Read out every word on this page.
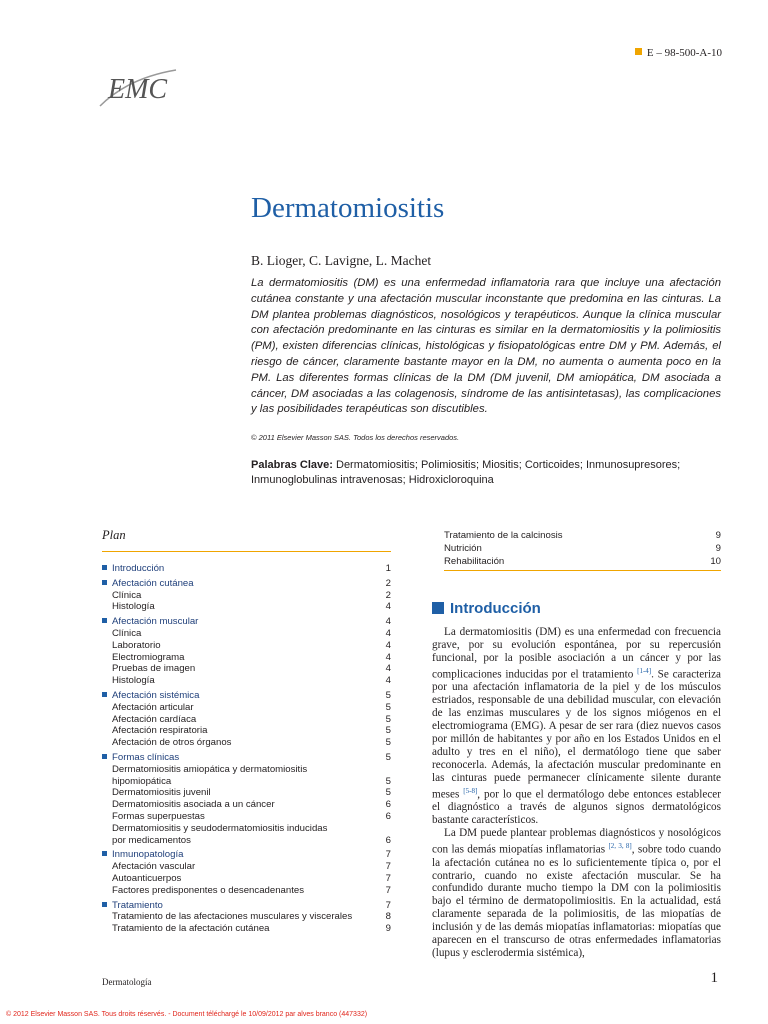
EMC
E – 98-500-A-10
Dermatomiositis
B. Lioger, C. Lavigne, L. Machet
La dermatomiositis (DM) es una enfermedad inflamatoria rara que incluye una afectación cutánea constante y una afectación muscular inconstante que predomina en las cinturas. La DM plantea problemas diagnósticos, nosológicos y terapéuticos. Aunque la clínica muscular con afectación predominante en las cinturas es similar en la dermatomiositis y la polimiositis (PM), existen diferencias clínicas, histológicas y fisiopatológicas entre DM y PM. Además, el riesgo de cáncer, claramente bastante mayor en la DM, no aumenta o aumenta poco en la PM. Las diferentes formas clínicas de la DM (DM juvenil, DM amiopática, DM asociada a cáncer, DM asociadas a las colagenosis, síndrome de las antisintetasas), las complicaciones y las posibilidades terapéuticas son discutibles.
© 2011 Elsevier Masson SAS. Todos los derechos reservados.
Palabras Clave: Dermatomiositis; Polimiositis; Miositis; Corticoides; Inmunosupresores; Inmunoglobulinas intravenosas; Hidroxicloroquina
Plan
Introducción	1
Afectación cutánea	2
Clínica	2
Histología	4
Afectación muscular	4
Clínica	4
Laboratorio	4
Electromiograma	4
Pruebas de imagen	4
Histología	4
Afectación sistémica	5
Afectación articular	5
Afectación cardíaca	5
Afectación respiratoria	5
Afectación de otros órganos	5
Formas clínicas	5
Dermatomiositis amiopática y dermatomiositis
hipomiopática	5
Dermatomiositis juvenil	5
Dermatomiositis asociada a un cáncer	6
Formas superpuestas	6
Dermatomiositis y seudodermatomiositis inducidas
por medicamentos	6
Inmunopatología	7
Afectación vascular	7
Autoanticuerpos	7
Factores predisponentes o desencadenantes	7
Tratamiento	7
Tratamiento de las afectaciones musculares y viscerales	8
Tratamiento de la afectación cutánea	9
Tratamiento de la calcinosis	9
Nutrición	9
Rehabilitación	10
Introducción

La dermatomiositis (DM) es una enfermedad con frecuencia grave, por su evolución espontánea, por su repercusión funcional, por la posible asociación a un cáncer y por las complicaciones inducidas por el tratamiento [1-4]. Se caracteriza por una afectación inflamatoria de la piel y de los músculos estriados, responsable de una debilidad muscular, con elevación de las enzimas musculares y de los signos miógenos en el electromiograma (EMG). A pesar de ser rara (diez nuevos casos por millón de habitantes y por año en los Estados Unidos en el adulto y tres en el niño), el dermatólogo tiene que saber reconocerla. Además, la afectación muscular predominante en las cinturas puede permanecer clínicamente silente durante meses [5-8], por lo que el dermatólogo debe entonces establecer el diagnóstico a través de algunos signos dermatológicos bastante característicos.

La DM puede plantear problemas diagnósticos y nosológicos con las demás miopatías inflamatorias [2, 3, 8], sobre todo cuando la afectación cutánea no es lo suficientemente típica o, por el contrario, cuando no existe afectación muscular. Se ha confundido durante mucho tiempo la DM con la polimiositis bajo el término de dermatopolimiositis. En la actualidad, está claramente separada de la polimiositis, de las miopatías de inclusión y de las demás miopatías inflamatorias: miopatías que aparecen en el transcurso de otras enfermedades inflamatorias (lupus y esclerodermia sistémica),

Dermatología	1
© 2012 Elsevier Masson SAS. Tous droits réservés. - Document téléchargé le 10/09/2012 par alves branco (447332)
